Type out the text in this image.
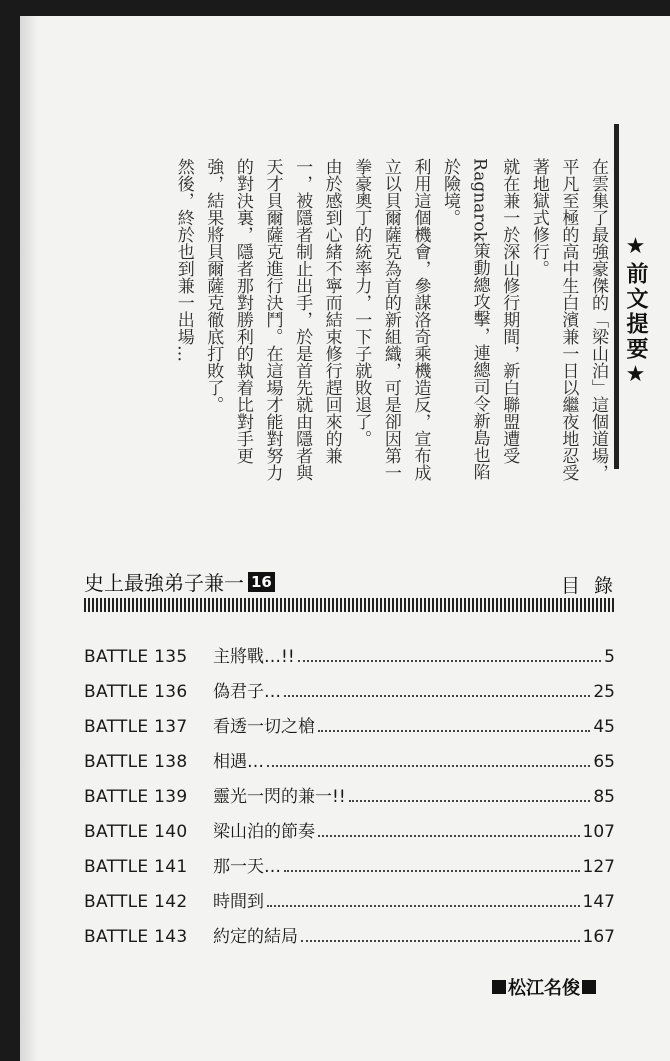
★前文提要★

在雲集了最強豪傑的「梁山泊」這個道場，平凡至極的高中生白濱兼一日以繼夜地忍受著地獄式修行。

就在兼一於深山修行期間，新白聯盟遭受Ragnarok策動總攻擊，連總司令新島也陷於險境。

利用這個機會，參謀洛奇乘機造反，宣布成立以貝爾薩克為首的新組織，可是卻因第一拳豪奧丁的統率力，一下子就敗退了。

由於感到心緒不寧而結束修行趕回來的兼一，被隱者制止出手，於是首先就由隱者與天才貝爾薩克進行決鬥。在這場才能對努力的對決裏，隱者那對勝利的執着比對手更強，結果將貝爾薩克徹底打敗了。

然後，終於也到兼一出場…

史上最強弟子兼一 16	目錄
BATTLE 135	主將戰…!!	5
BATTLE 136	偽君子…	25
BATTLE 137	看透一切之槍	45
BATTLE 138	相遇…	65
BATTLE 139	靈光一閃的兼一!!	85
BATTLE 140	梁山泊的節奏	107
BATTLE 141	那一天…	127
BATTLE 142	時間到	147
BATTLE 143	約定的結局	167
松江名俊
